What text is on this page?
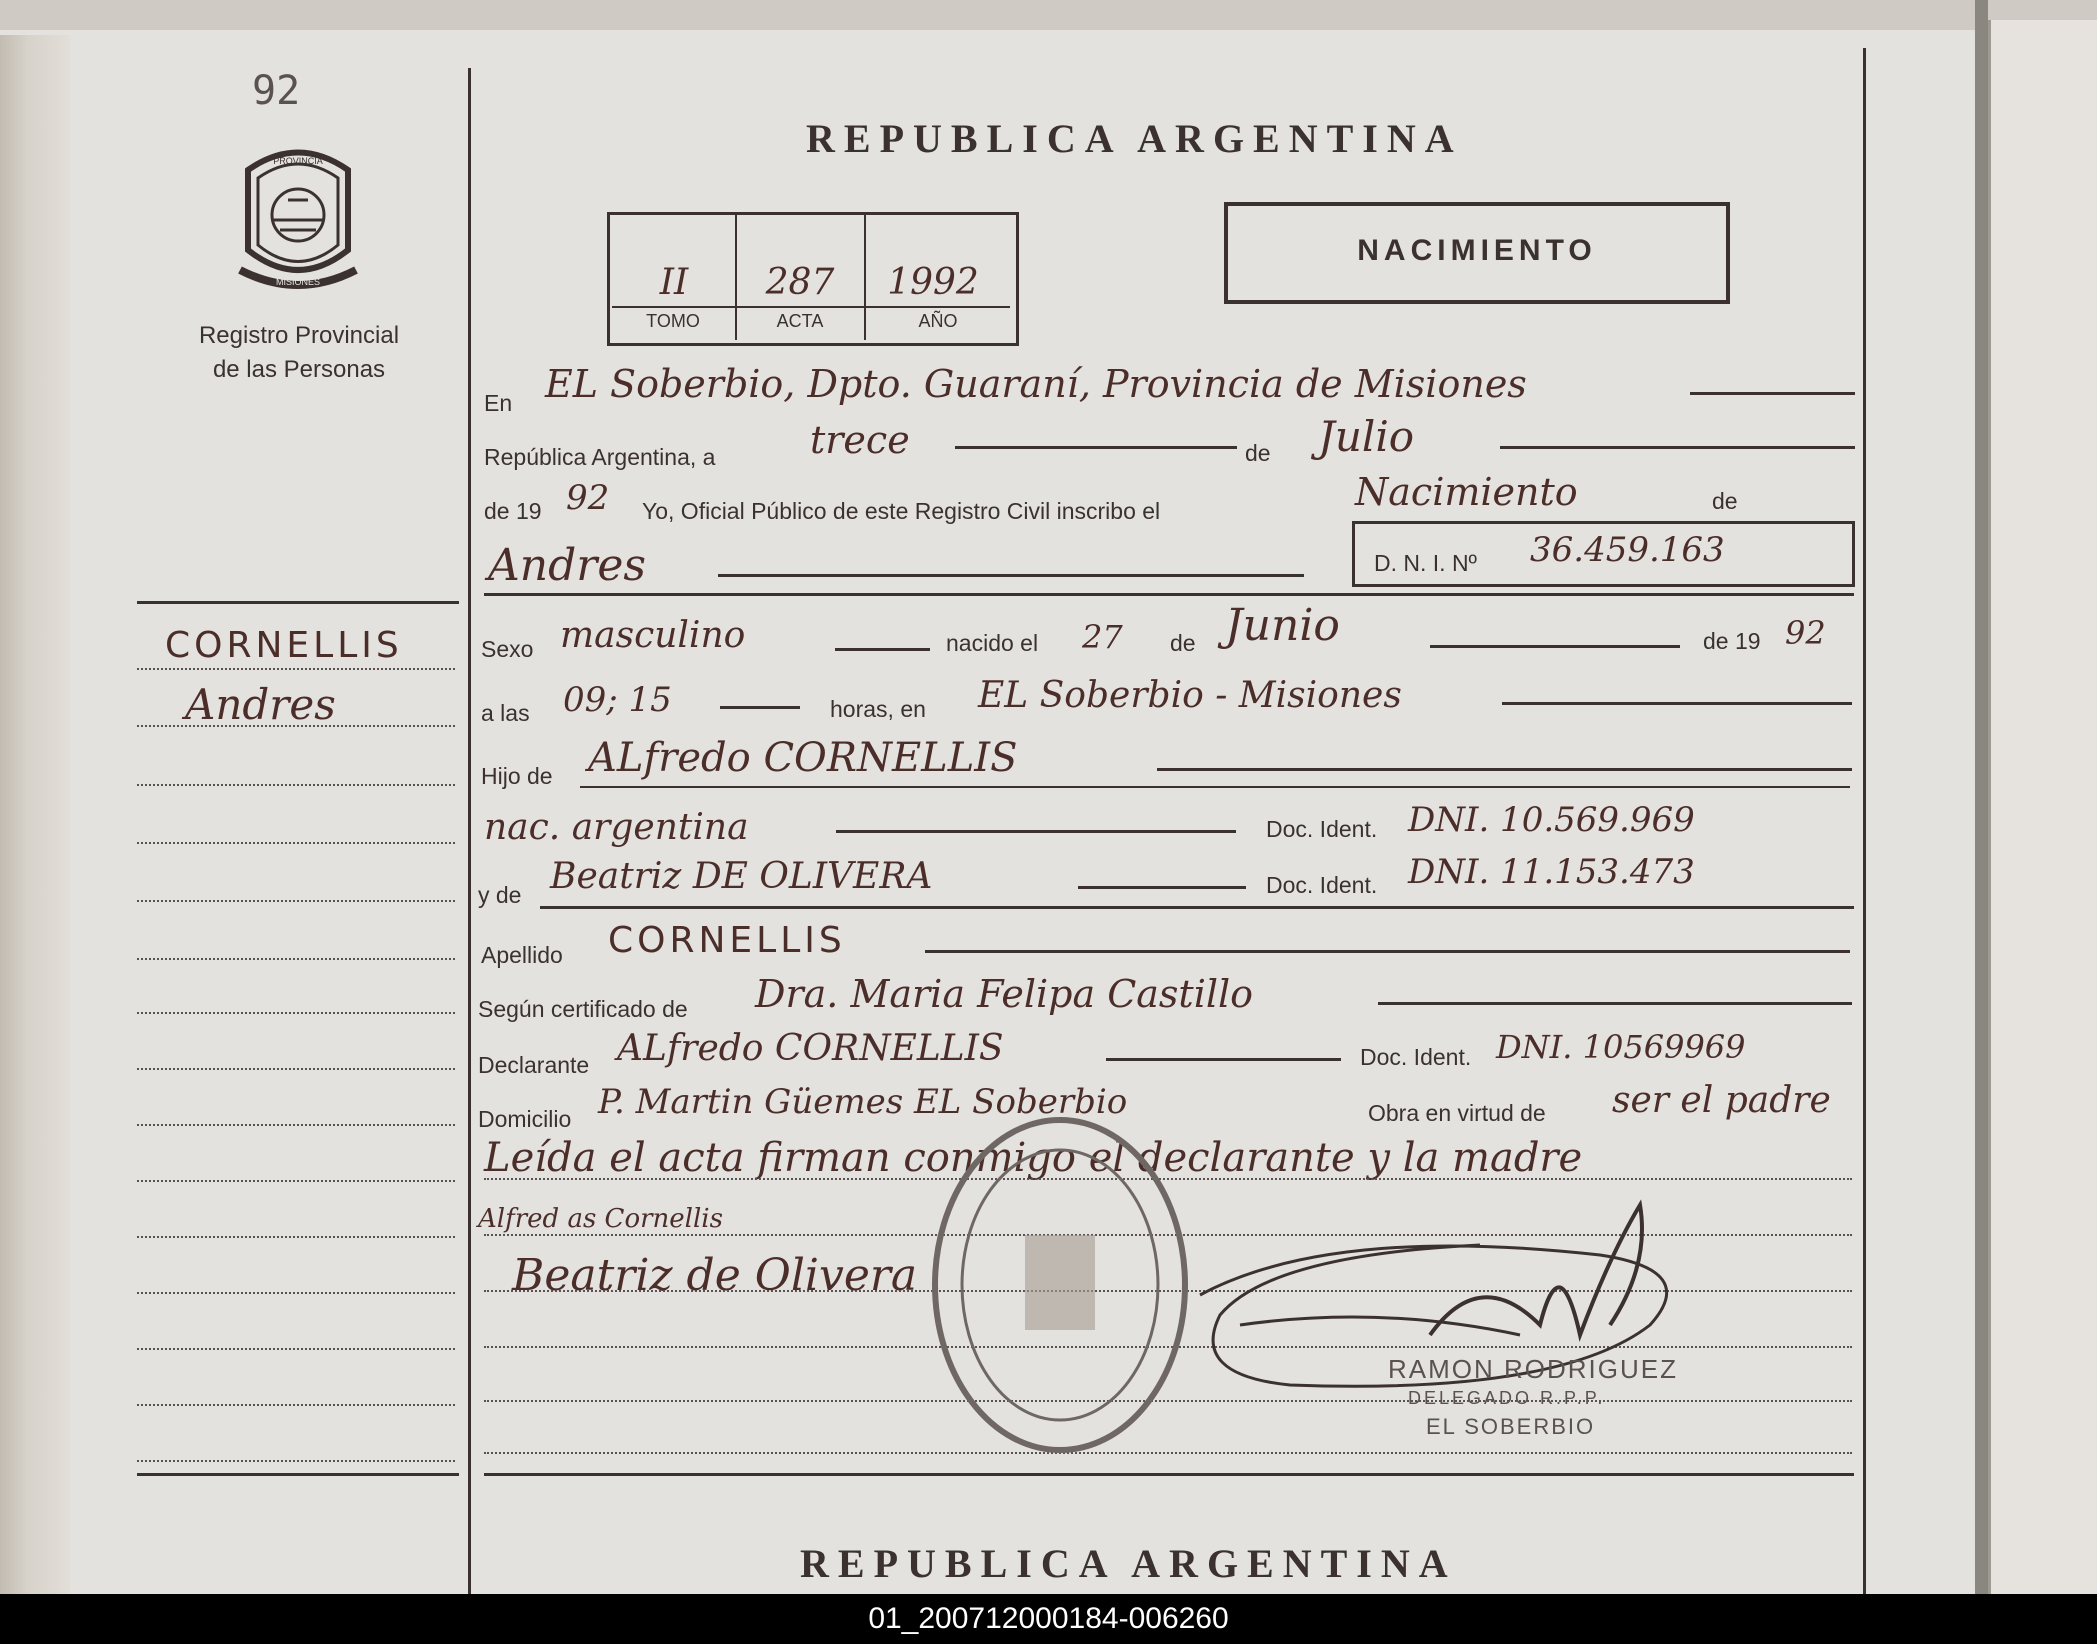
92
PROVINCIA
MISIONES
Registro Provincial
de las Personas
CORNELLIS
Andres
REPUBLICA ARGENTINA
II	287	1992
TOMO	ACTA	AÑO
NACIMIENTO
En EL Soberbio, Dpto. Guaraní, Provincia de Misiones
República Argentina, a trece	de Julio
de 19 92 Yo, Oficial Público de este Registro Civil inscribo el	Nacimiento	de
Andres	D. N. I. Nº 36.459.163
Sexo masculino	nacido el 27 de Junio	de 19 92
a las 09; 15	horas, en EL Soberbio - Misiones
Hijo de ALfredo CORNELLIS
nac. argentina	Doc. Ident. DNI. 10.569.969
y de Beatriz DE OLIVERA	Doc. Ident. DNI. 11.153.473
Apellido CORNELLIS
Según certificado de Dra. Maria Felipa Castillo
Declarante ALfredo CORNELLIS	Doc. Ident. DNI. 10569969
Domicilio P. Martin Güemes EL Soberbio	Obra en virtud de ser el padre
Leída el acta firman conmigo el declarante y la madre
Alfred as Cornellis
Beatriz de Olivera
RAMON RODRIGUEZ
DELEGADO R.P.P.
EL SOBERBIO
REPUBLICA ARGENTINA
01_200712000184-006260
